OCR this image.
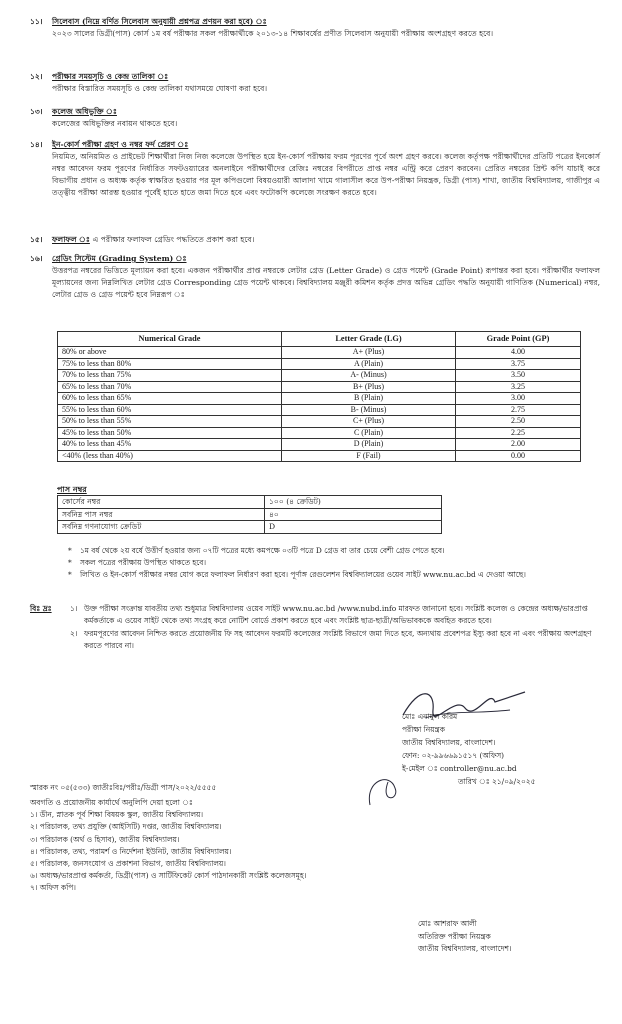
১১। সিলেবাস (নিম্নে বর্ণিত সিলেবাস অনুযায়ী প্রশ্নপত্র প্রণয়ন করা হবে) ঃ
২০২৩ সালের ডিগ্রী(পাস) কোর্স ১ম বর্ষ পরীক্ষার সকল পরীক্ষার্থীকে ২০১৩-১৪ শিক্ষাবর্ষের প্রণীত সিলেবাস অনুযায়ী পরীক্ষায় অংশগ্রহণ করতে হবে।
১২। পরীক্ষার সময়সূচি ও কেন্দ্র তালিকা ঃ
পরীক্ষার বিস্তারিত সময়সূচি ও কেন্দ্র তালিকা যথাসময়ে ঘোষণা করা হবে।
১৩। কলেজ অধিভুক্তি ঃ
কলেজের অধিভুক্তির নবায়ন থাকতে হবে।
১৪। ইন-কোর্স পরীক্ষা গ্রহণ ও নম্বর ফর্দ প্রেরণ ঃ
নিয়মিত, অনিয়মিত ও প্রাইভেট শিক্ষার্থীরা নিজ নিজ কলেজে উপস্থিত হয়ে ইন-কোর্স পরীক্ষায় ফরম পূরণের পূর্বে অংশ গ্রহণ করবে। কলেজ কর্তৃপক্ষ পরীক্ষার্থীদের প্রতিটি পত্রের ইনকোর্স নম্বর আবেদন ফরম পূরণের নির্ধারিত সফটওয়্যারের অনলাইনে পরীক্ষার্থীদের রেজিঃ নম্বরের বিপরীতে প্রাপ্ত নম্বর এন্ট্রি করে প্রেরণ করবেন। প্রেরিত নম্বরের প্রিন্ট কপি যাচাই করে বিভাগীয় প্রধান ও অধ্যক্ষ কর্তৃক স্বাক্ষরিত হওয়ার পর মূল কপিগুলো বিষয়ওয়ারী আলাদা খামে গালাসীল করে উপ-পরীক্ষা নিয়ন্ত্রক, ডিগ্রী (পাস) শাখা, জাতীয় বিশ্ববিদ্যালয়, গাজীপুর এ তত্ত্বীয় পরীক্ষা আরম্ভ হওয়ার পূর্বেই হাতে হাতে জমা দিতে হবে এবং ফটোকপি কলেজে সংরক্ষণ করতে হবে।
১৫। ফলাফল ঃ এ পরীক্ষার ফলাফল গ্রেডিং পদ্ধতিতে প্রকাশ করা হবে।
১৬। গ্রেডিং সিস্টেম (Grading System) ঃ
উত্তরপত্র নম্বরের ভিত্তিতে মূল্যায়ন করা হবে। একজন পরীক্ষার্থীর প্রাপ্ত নম্বরকে লেটার গ্রেড (Letter Grade) ও গ্রেড পয়েন্ট (Grade Point) রূপান্তর করা হবে। পরীক্ষার্থীর ফলাফল মূল্যায়নের জন্য নিম্নলিখিত লেটার গ্রেড Corresponding গ্রেড পয়েন্ট থাকবে। বিশ্ববিদ্যালয় মঞ্জুরী কমিশন কর্তৃক প্রদত্ত অভিন্ন গ্রেডিং পদ্ধতি অনুযায়ী গাণিতিক (Numerical) নম্বর, লেটার গ্রেড ও গ্রেড পয়েন্ট হবে নিম্নরূপ ঃ
Numerical Grade	Letter Grade (LG)	Grade Point (GP)
80% or above	A+ (Plus)	4.00
75% to less than 80%	A (Plain)	3.75
70% to less than 75%	A- (Minus)	3.50
65% to less than 70%	B+ (Plus)	3.25
60% to less than 65%	B (Plain)	3.00
55% to less than 60%	B- (Minus)	2.75
50% to less than 55%	C+ (Plus)	2.50
45% to less than 50%	C (Plain)	2.25
40% to less than 45%	D (Plain)	2.00
<40% (less than 40%)	F (Fail)	0.00
পাস নম্বর
কোর্সের নম্বর	১০০ (৪ ক্রেডিট)
সর্বনিম্ন পাস নম্বর	৪০
সর্বনিম্ন গণনাযোগ্য ক্রেডিট	D
*	১ম বর্ষ থেকে ২য় বর্ষে উত্তীর্ণ হওয়ার জন্য ০৭টি পত্রের মধ্যে কমপক্ষে ০৩টি পত্রে D গ্রেড বা তার চেয়ে বেশী গ্রেড পেতে হবে।
*	সকল পত্রের পরীক্ষায় উপস্থিত থাকতে হবে।
*	লিখিত ও ইন-কোর্স পরীক্ষার নম্বর যোগ করে ফলাফল নির্ধারণ করা হবে। পূর্ণাঙ্গ রেগুলেশন বিশ্ববিদ্যালয়ের ওয়েব সাইট www.nu.ac.bd এ দেওয়া আছে।
বিঃ দ্রঃ	১। উক্ত পরীক্ষা সংক্রান্ত যাবতীয় তথ্য শুধুমাত্র বিশ্ববিদ্যালয় ওয়েব সাইট www.nu.ac.bd /www.nubd.info মারফত জানানো হবে। সংশ্লিষ্ট কলেজ ও কেন্দ্রের অধ্যক্ষ/ভারপ্রাপ্ত কর্মকর্তাকে এ ওয়েব সাইট থেকে তথ্য সংগ্রহ করে নোটিশ বোর্ডে প্রকাশ করতে হবে এবং সংশ্লিষ্ট ছাত্র-ছাত্রী/অভিভাবককে অবহিত করতে হবে।
২। ফরমপূরণের আবেদন নিশ্চিত করতে প্রয়োজনীয় ফি সহ আবেদন ফরমটি কলেজের সংশ্লিষ্ট বিভাগে জমা দিতে হবে, অন্যথায় প্রবেশপত্র ইস্যু করা হবে না এবং পরীক্ষায় অংশগ্রহণ করতে পারবে না।
মোঃ এনামুল করিম
পরীক্ষা নিয়ন্ত্রক
জাতীয় বিশ্ববিদ্যালয়, বাংলাদেশ।
ফোন: ০২-৯৯৬৬৯১৫১৭ (অফিস)
ই-মেইল ঃ controller@nu.ac.bd
তারিখ ঃ ২১/০৯/২০২৫
স্মারক নং ০৫(৫৩৩) জাতীঃবিঃ/পরীঃ/ডিগ্রী পাস/২০২২/৫৫৫৫
অবগতি ও প্রয়োজনীয় কার্যার্থে অনুলিপি দেয়া হলো ঃ
১। ডীন, স্নাতক পূর্ব শিক্ষা বিষয়ক স্কুল, জাতীয় বিশ্ববিদ্যালয়।
২। পরিচালক, তথ্য প্রযুক্তি (আইসিটি) দপ্তর, জাতীয় বিশ্ববিদ্যালয়।
৩। পরিচালক (অর্থ ও হিসাব), জাতীয় বিশ্ববিদ্যালয়।
৪। পরিচালক, তথ্য, পরামর্শ ও নির্দেশনা ইউনিট, জাতীয় বিশ্ববিদ্যালয়।
৫। পরিচালক, জনসংযোগ ও প্রকাশনা বিভাগ, জাতীয় বিশ্ববিদ্যালয়।
৬। অধ্যক্ষ/ভারপ্রাপ্ত কর্মকর্তা, ডিগ্রী(পাস) ও সার্টিফিকেট কোর্স পাঠদানকারী সংশ্লিষ্ট কলেজসমূহ।
৭। অফিস কপি।
মোঃ আশরাফ আলী
অতিরিক্ত পরীক্ষা নিয়ন্ত্রক
জাতীয় বিশ্ববিদ্যালয়, বাংলাদেশ।
